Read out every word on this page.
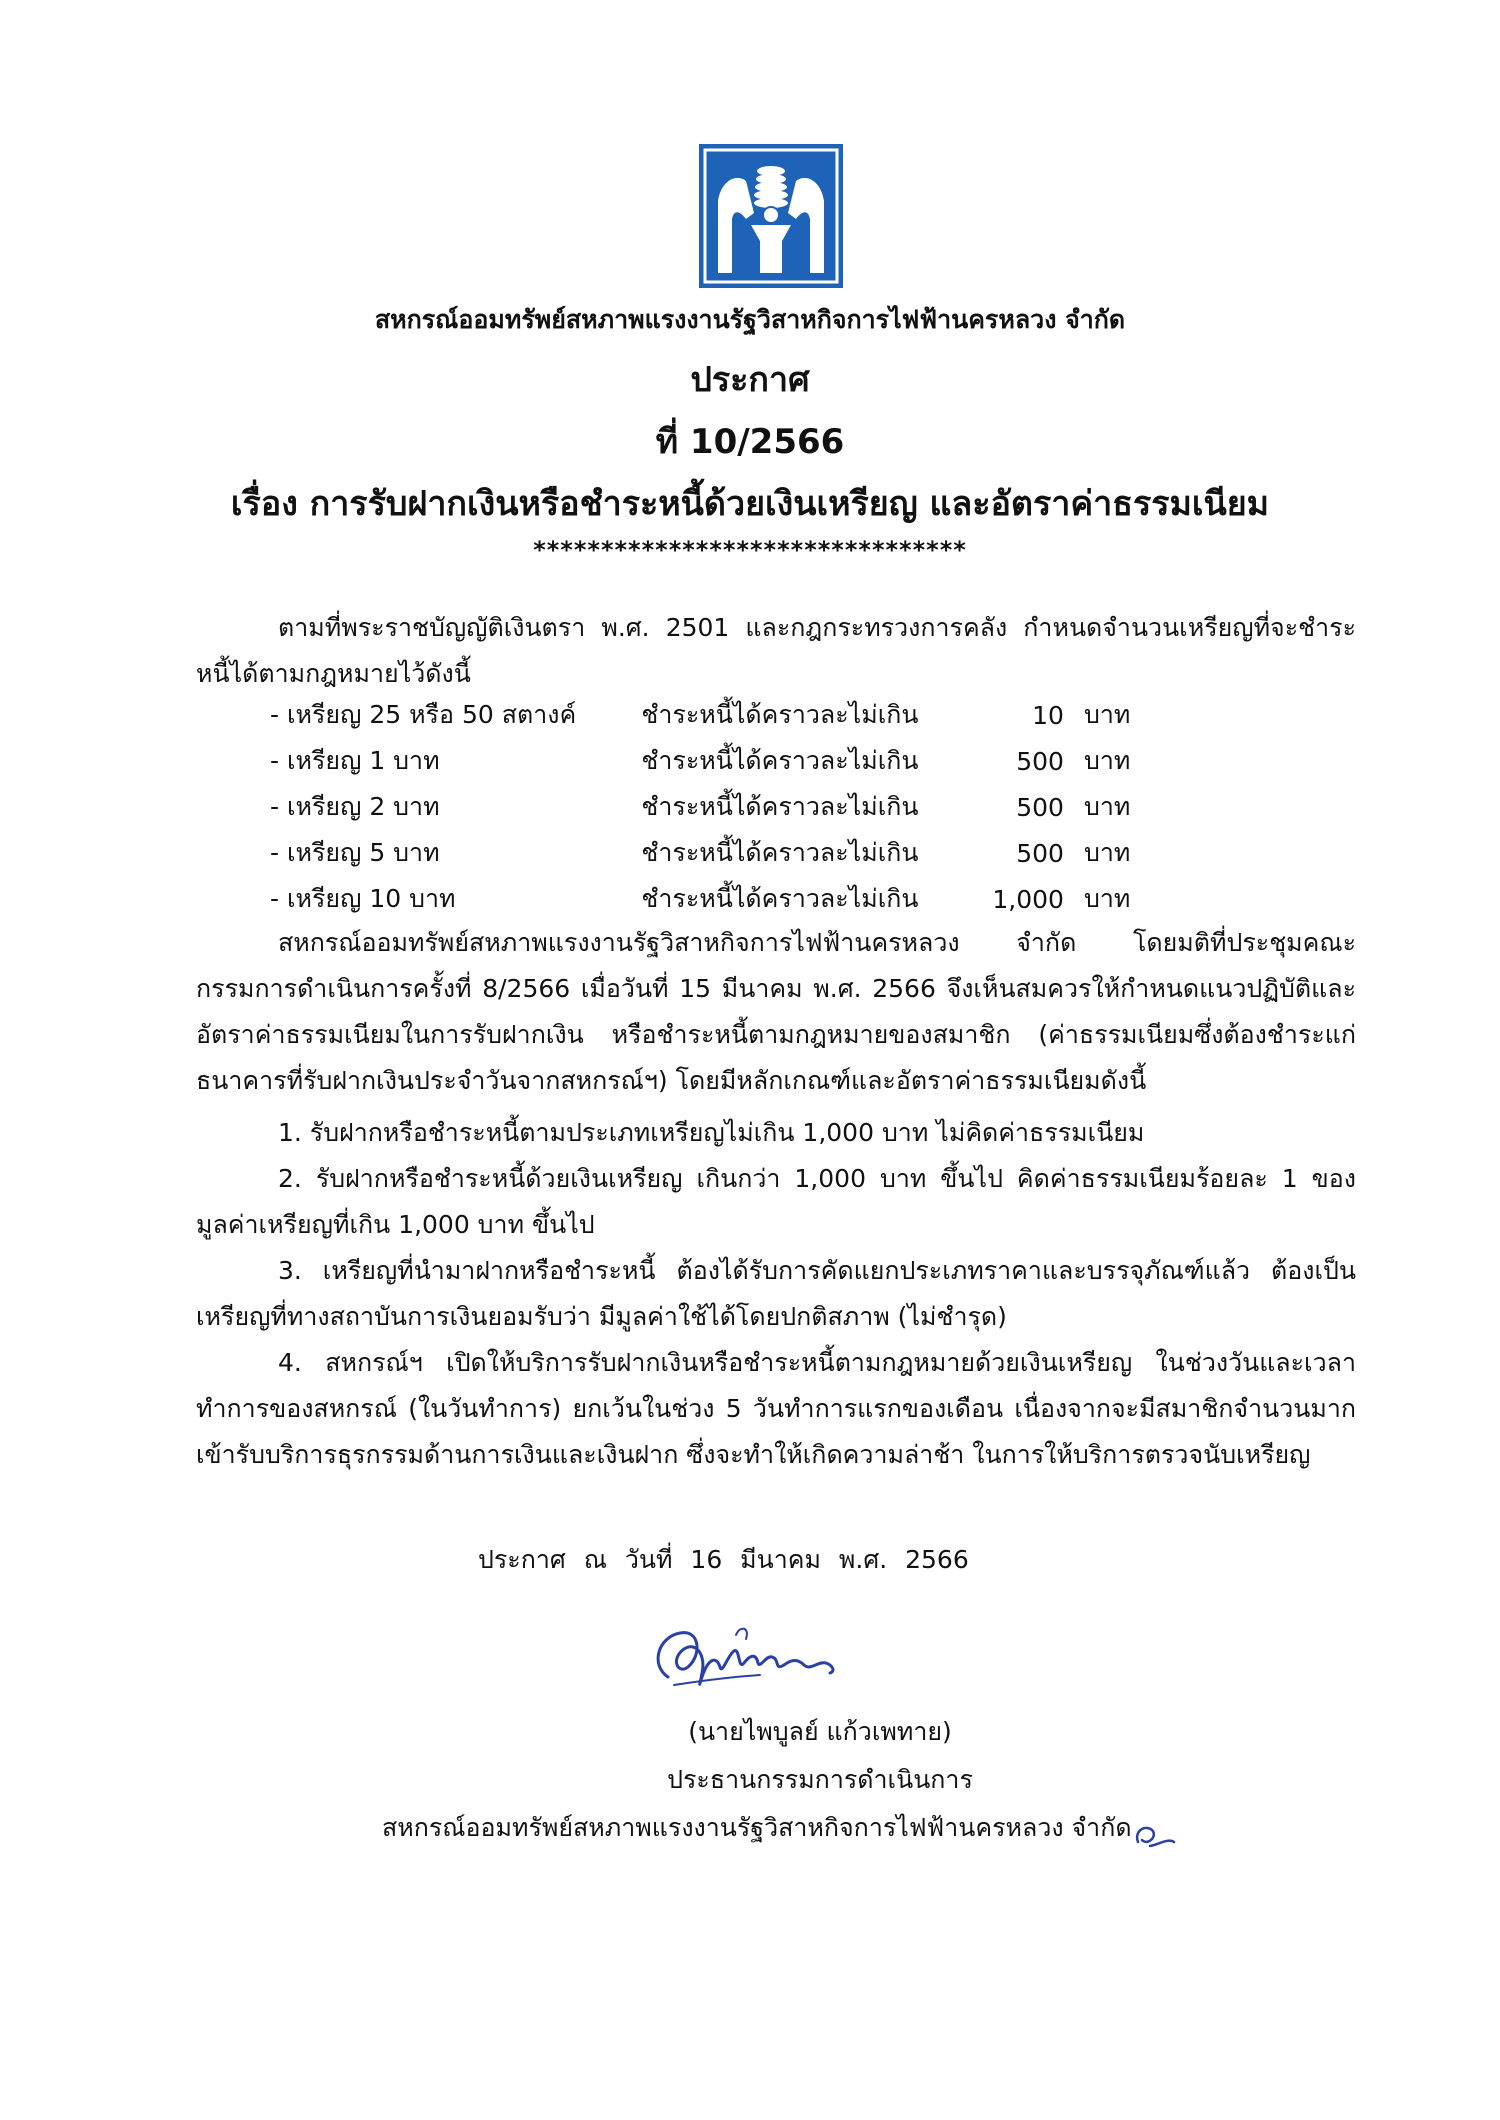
สหกรณ์ออมทรัพย์สหภาพแรงงานรัฐวิสาหกิจการไฟฟ้านครหลวง จำกัด
ประกาศ
ที่ 10/2566
เรื่อง การรับฝากเงินหรือชำระหนี้ด้วยเงินเหรียญ และอัตราค่าธรรมเนียม
********************************

ตามที่พระราชบัญญัติเงินตรา พ.ศ. 2501 และกฎกระทรวงการคลัง กำหนดจำนวนเหรียญที่จะชำระหนี้ได้ตามกฎหมายไว้ดังนี้

- เหรียญ 25 หรือ 50 สตางค์	ชำระหนี้ได้คราวละไม่เกิน	10	บาท
- เหรียญ 1 บาท	ชำระหนี้ได้คราวละไม่เกิน	500	บาท
- เหรียญ 2 บาท	ชำระหนี้ได้คราวละไม่เกิน	500	บาท
- เหรียญ 5 บาท	ชำระหนี้ได้คราวละไม่เกิน	500	บาท
- เหรียญ 10 บาท	ชำระหนี้ได้คราวละไม่เกิน	1,000	บาท

สหกรณ์ออมทรัพย์สหภาพแรงงานรัฐวิสาหกิจการไฟฟ้านครหลวง จำกัด โดยมติที่ประชุมคณะกรรมการดำเนินการครั้งที่ 8/2566 เมื่อวันที่ 15 มีนาคม พ.ศ. 2566 จึงเห็นสมควรให้กำหนดแนวปฏิบัติและอัตราค่าธรรมเนียมในการรับฝากเงิน หรือชำระหนี้ตามกฎหมายของสมาชิก (ค่าธรรมเนียมซึ่งต้องชำระแก่ธนาคารที่รับฝากเงินประจำวันจากสหกรณ์ฯ) โดยมีหลักเกณฑ์และอัตราค่าธรรมเนียมดังนี้

1. รับฝากหรือชำระหนี้ตามประเภทเหรียญไม่เกิน 1,000 บาท ไม่คิดค่าธรรมเนียม

2. รับฝากหรือชำระหนี้ด้วยเงินเหรียญ เกินกว่า 1,000 บาท ขึ้นไป คิดค่าธรรมเนียมร้อยละ 1 ของมูลค่าเหรียญที่เกิน 1,000 บาท ขึ้นไป

3. เหรียญที่นำมาฝากหรือชำระหนี้ ต้องได้รับการคัดแยกประเภทราคาและบรรจุภัณฑ์แล้ว ต้องเป็นเหรียญที่ทางสถาบันการเงินยอมรับว่า มีมูลค่าใช้ได้โดยปกติสภาพ (ไม่ชำรุด)

4. สหกรณ์ฯ เปิดให้บริการรับฝากเงินหรือชำระหนี้ตามกฎหมายด้วยเงินเหรียญ ในช่วงวันและเวลาทำการของสหกรณ์ (ในวันทำการ) ยกเว้นในช่วง 5 วันทำการแรกของเดือน เนื่องจากจะมีสมาชิกจำนวนมากเข้ารับบริการธุรกรรมด้านการเงินและเงินฝาก ซึ่งจะทำให้เกิดความล่าช้า ในการให้บริการตรวจนับเหรียญ

ประกาศ ณ วันที่ 16 มีนาคม พ.ศ. 2566
(นายไพบูลย์ แก้วเพทาย)
ประธานกรรมการดำเนินการ
สหกรณ์ออมทรัพย์สหภาพแรงงานรัฐวิสาหกิจการไฟฟ้านครหลวง จำกัด
